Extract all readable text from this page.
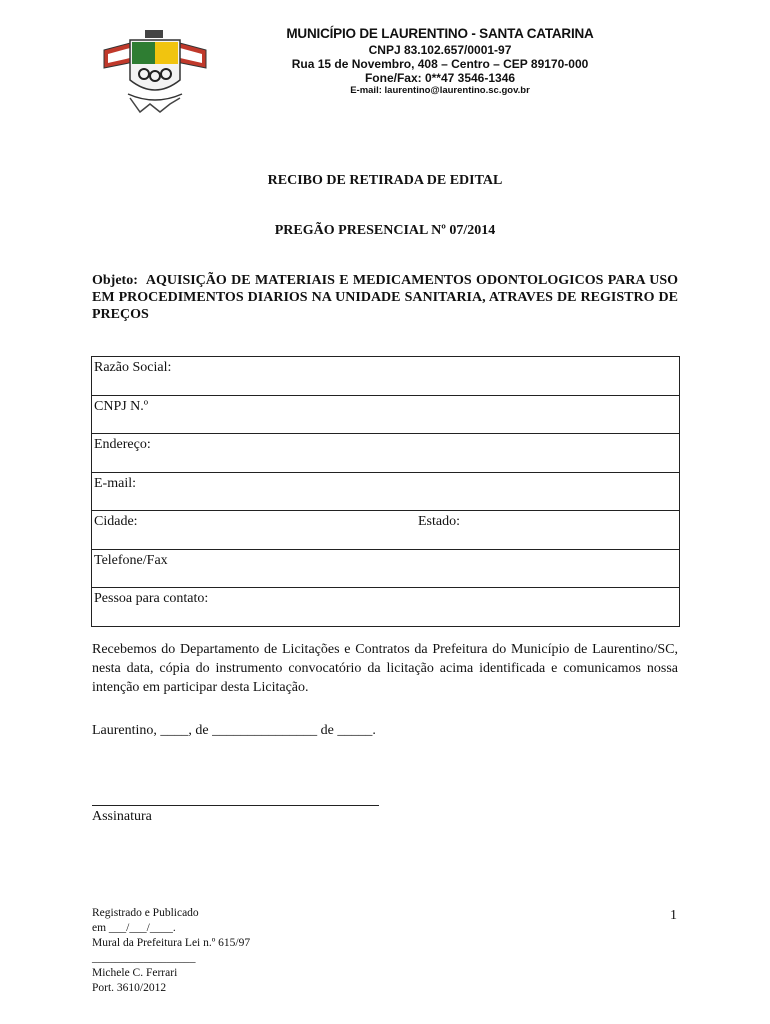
MUNICÍPIO DE LAURENTINO - SANTA CATARINA
CNPJ 83.102.657/0001-97
Rua 15 de Novembro, 408 – Centro – CEP 89170-000
Fone/Fax: 0**47 3546-1346
E-mail: laurentino@laurentino.sc.gov.br
RECIBO DE RETIRADA DE EDITAL
PREGÃO PRESENCIAL Nº 07/2014
Objeto: AQUISIÇÃO DE MATERIAIS E MEDICAMENTOS ODONTOLOGICOS PARA USO EM PROCEDIMENTOS DIARIOS NA UNIDADE SANITARIA, ATRAVES DE REGISTRO DE PREÇOS
Razão Social:
CNPJ N.º
Endereço:
E-mail:
Cidade:	Estado:
Telefone/Fax
Pessoa para contato:
Recebemos do Departamento de Licitações e Contratos da Prefeitura do Município de Laurentino/SC, nesta data, cópia do instrumento convocatório da licitação acima identificada e comunicamos nossa intenção em participar desta Licitação.
Laurentino, ____, de _______________ de _____.
Assinatura
Registrado e Publicado
em ___/___/____.
Mural da Prefeitura Lei n.º 615/97
__________________
Michele C. Ferrari
Port. 3610/2012
1
